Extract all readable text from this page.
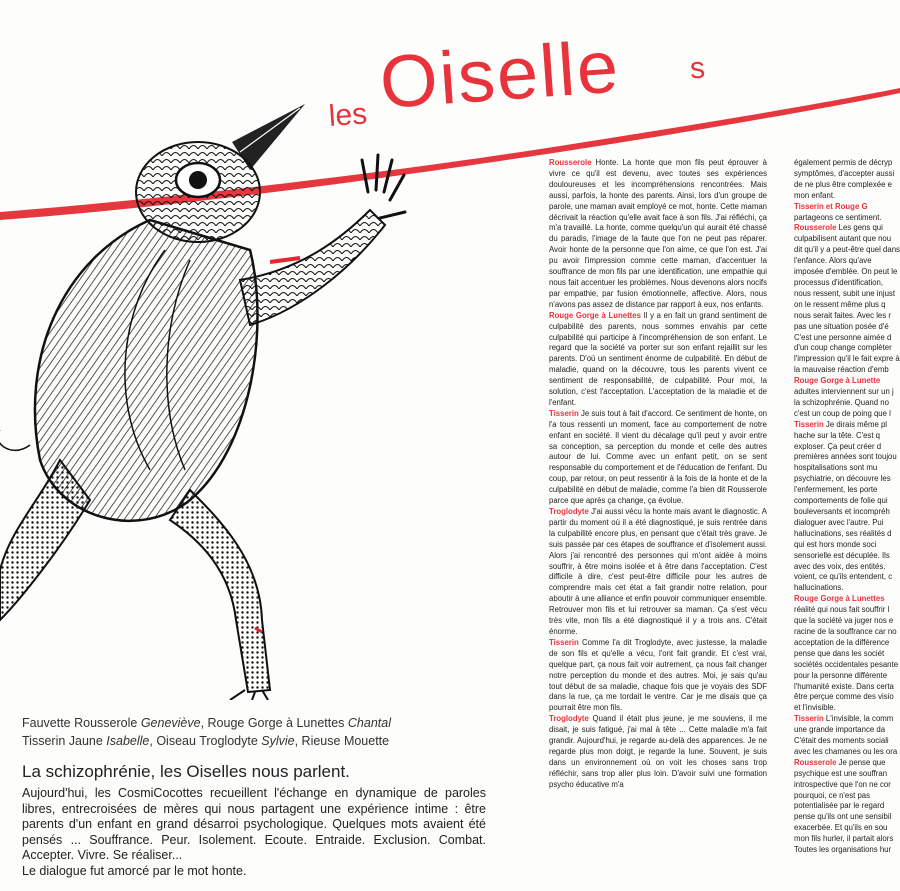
les Oiselle s
Fauvette Rousserole Geneviève, Rouge Gorge à Lunettes Chantal
Tisserin Jaune Isabelle, Oiseau Troglodyte Sylvie, Rieuse Mouette
La schizophrénie, les Oiselles nous parlent.

Aujourd'hui, les CosmiCocottes recueillent l'échange en dynamique de paroles libres, entrecroisées de mères qui nous partagent une expérience intime : être parents d'un enfant en grand désarroi psychologique. Quelques mots avaient été pensés ... Souffrance. Peur. Isolement. Ecoute. Entraide. Exclusion. Combat. Accepter. Vivre. Se réaliser...

Le dialogue fut amorcé par le mot honte.

Rousserole Honte. La honte que mon fils peut éprouver à vivre ce qu'il est devenu, avec toutes ses expériences douloureuses et les incompréhensions rencontrées. Mais aussi, parfois, la honte des parents. Ainsi, lors d'un groupe de parole, une maman avait employé ce mot, honte. Cette maman décrivait la réaction qu'elle avait face à son fils. J'ai réfléchi, ça m'a travaillé. La honte, comme quelqu'un qui aurait été chassé du paradis, l'image de la faute que l'on ne peut pas réparer. Avoir honte de la personne que l'on aime, ce que l'on est. J'ai pu avoir l'impression comme cette maman, d'accentuer la souffrance de mon fils par une identification, une empathie qui nous fait accentuer les problèmes. Nous devenons alors nocifs par empathie, par fusion émotionnelle, affective. Alors, nous n'avons pas assez de distance par rapport à eux, nos enfants.

Rouge Gorge à Lunettes Il y a en fait un grand sentiment de culpabilité des parents, nous sommes envahis par cette culpabilité qui participe à l'incompréhension de son enfant. Le regard que la société va porter sur son enfant rejaillit sur les parents. D'où un sentiment énorme de culpabilité. En début de maladie, quand on la découvre, tous les parents vivent ce sentiment de responsabilité, de culpabilité. Pour moi, la solution, c'est l'acceptation. L'acceptation de la maladie et de l'enfant.

Tisserin Je suis tout à fait d'accord. Ce sentiment de honte, on l'a tous ressenti un moment, face au comportement de notre enfant en société. Il vient du décalage qu'il peut y avoir entre sa conception, sa perception du monde et celle des autres autour de lui. Comme avec un enfant petit, on se sent responsable du comportement et de l'éducation de l'enfant. Du coup, par retour, on peut ressentir à la fois de la honte et de la culpabilité en début de maladie, comme l'a bien dit Rousserole parce que après ça change, ça évolue.

Troglodyte J'ai aussi vécu la honte mais avant le diagnostic. A partir du moment où il a été diagnostiqué, je suis rentrée dans la culpabilité encore plus, en pensant que c'était très grave. Je suis passée par ces étapes de souffrance et d'isolement aussi. Alors j'ai rencontré des personnes qui m'ont aidée à moins souffrir, à être moins isolée et à être dans l'acceptation. C'est difficile à dire, c'est peut-être difficile pour les autres de comprendre mais cet état a fait grandir notre relation, pour aboutir à une alliance et enfin pouvoir communiquer ensemble. Retrouver mon fils et lui retrouver sa maman. Ça s'est vécu très vite, mon fils a été diagnostiqué il y a trois ans. C'était énorme.

Tisserin Comme l'a dit Troglodyte, avec justesse, la maladie de son fils et qu'elle a vécu, l'ont fait grandir. Et c'est vrai, quelque part, ça nous fait voir autrement, ça nous fait changer notre perception du monde et des autres. Moi, je sais qu'au tout début de sa maladie, chaque fois que je voyais des SDF dans la rue, ça me tordait le ventre. Car je me disais que ça pourrait être mon fils.

Troglodyte Quand il était plus jeune, je me souviens, il me disait, je suis fatigué, j'ai mal à tête ... Cette maladie m'a fait grandir. Aujourd'hui, je regarde au-delà des apparences. Je ne regarde plus mon doigt, je regarde la lune. Souvent, je suis dans un environnement où on voit les choses sans trop réfléchir, sans trop aller plus loin. D'avoir suivi une formation psycho éducative m'a

également permis de décryp symptômes, d'accepter aussi de ne plus être complexée e mon enfant.

Tisserin et Rouge G partageons ce sentiment.

Rousserole Les gens qui culpabilisent autant que nou dit qu'il y a peut-être quel dans l'enfance. Alors qu'ave imposée d'emblée. On peut le processus d'identification, nous ressent, subit une injust on le ressent même plus q nous serait faites. Avec les r pas une situation posée d'é C'est une personne aimée d d'un coup change complèter l'impression qu'il le fait expre à la mauvaise réaction d'emb

Rouge Gorge à Lunette adultes interviennent sur un j la schizophrénie. Quand no c'est un coup de poing que l

Tisserin Je dirais même pl hache sur la tête. C'est q exploser. Ça peut créer d premières années sont toujou hospitalisations sont mu psychiatrie, on découvre les l'enfermement, les porte comportements de folie qui bouleversants et incompréh dialoguer avec l'autre. Pui hallucinations, ses réalités d qui est hors monde soci sensorielle est décuplée. Ils avec des voix, des entités. voient, ce qu'ils entendent, c hallucinations.

Rouge Gorge à Lunettes réalité qui nous fait souffrir l que la société va juger nos e racine de la souffrance car no acceptation de la différence pense que dans les sociét sociétés occidentales pesante pour la personne différente l'humanité existe. Dans certa être perçue comme des visio et l'invisible.

Tisserin L'invisible, la comm une grande importance da C'était des moments sociali avec les chamanes ou les ora

Rousserole Je pense que psychique est une souffran introspective que l'on ne cor pourquoi, ce n'est pas potentialisée par le regard pense qu'ils ont une sensibil exacerbée. Et qu'ils en sou mon fils hurler, il partait alors Toutes les organisations hur
